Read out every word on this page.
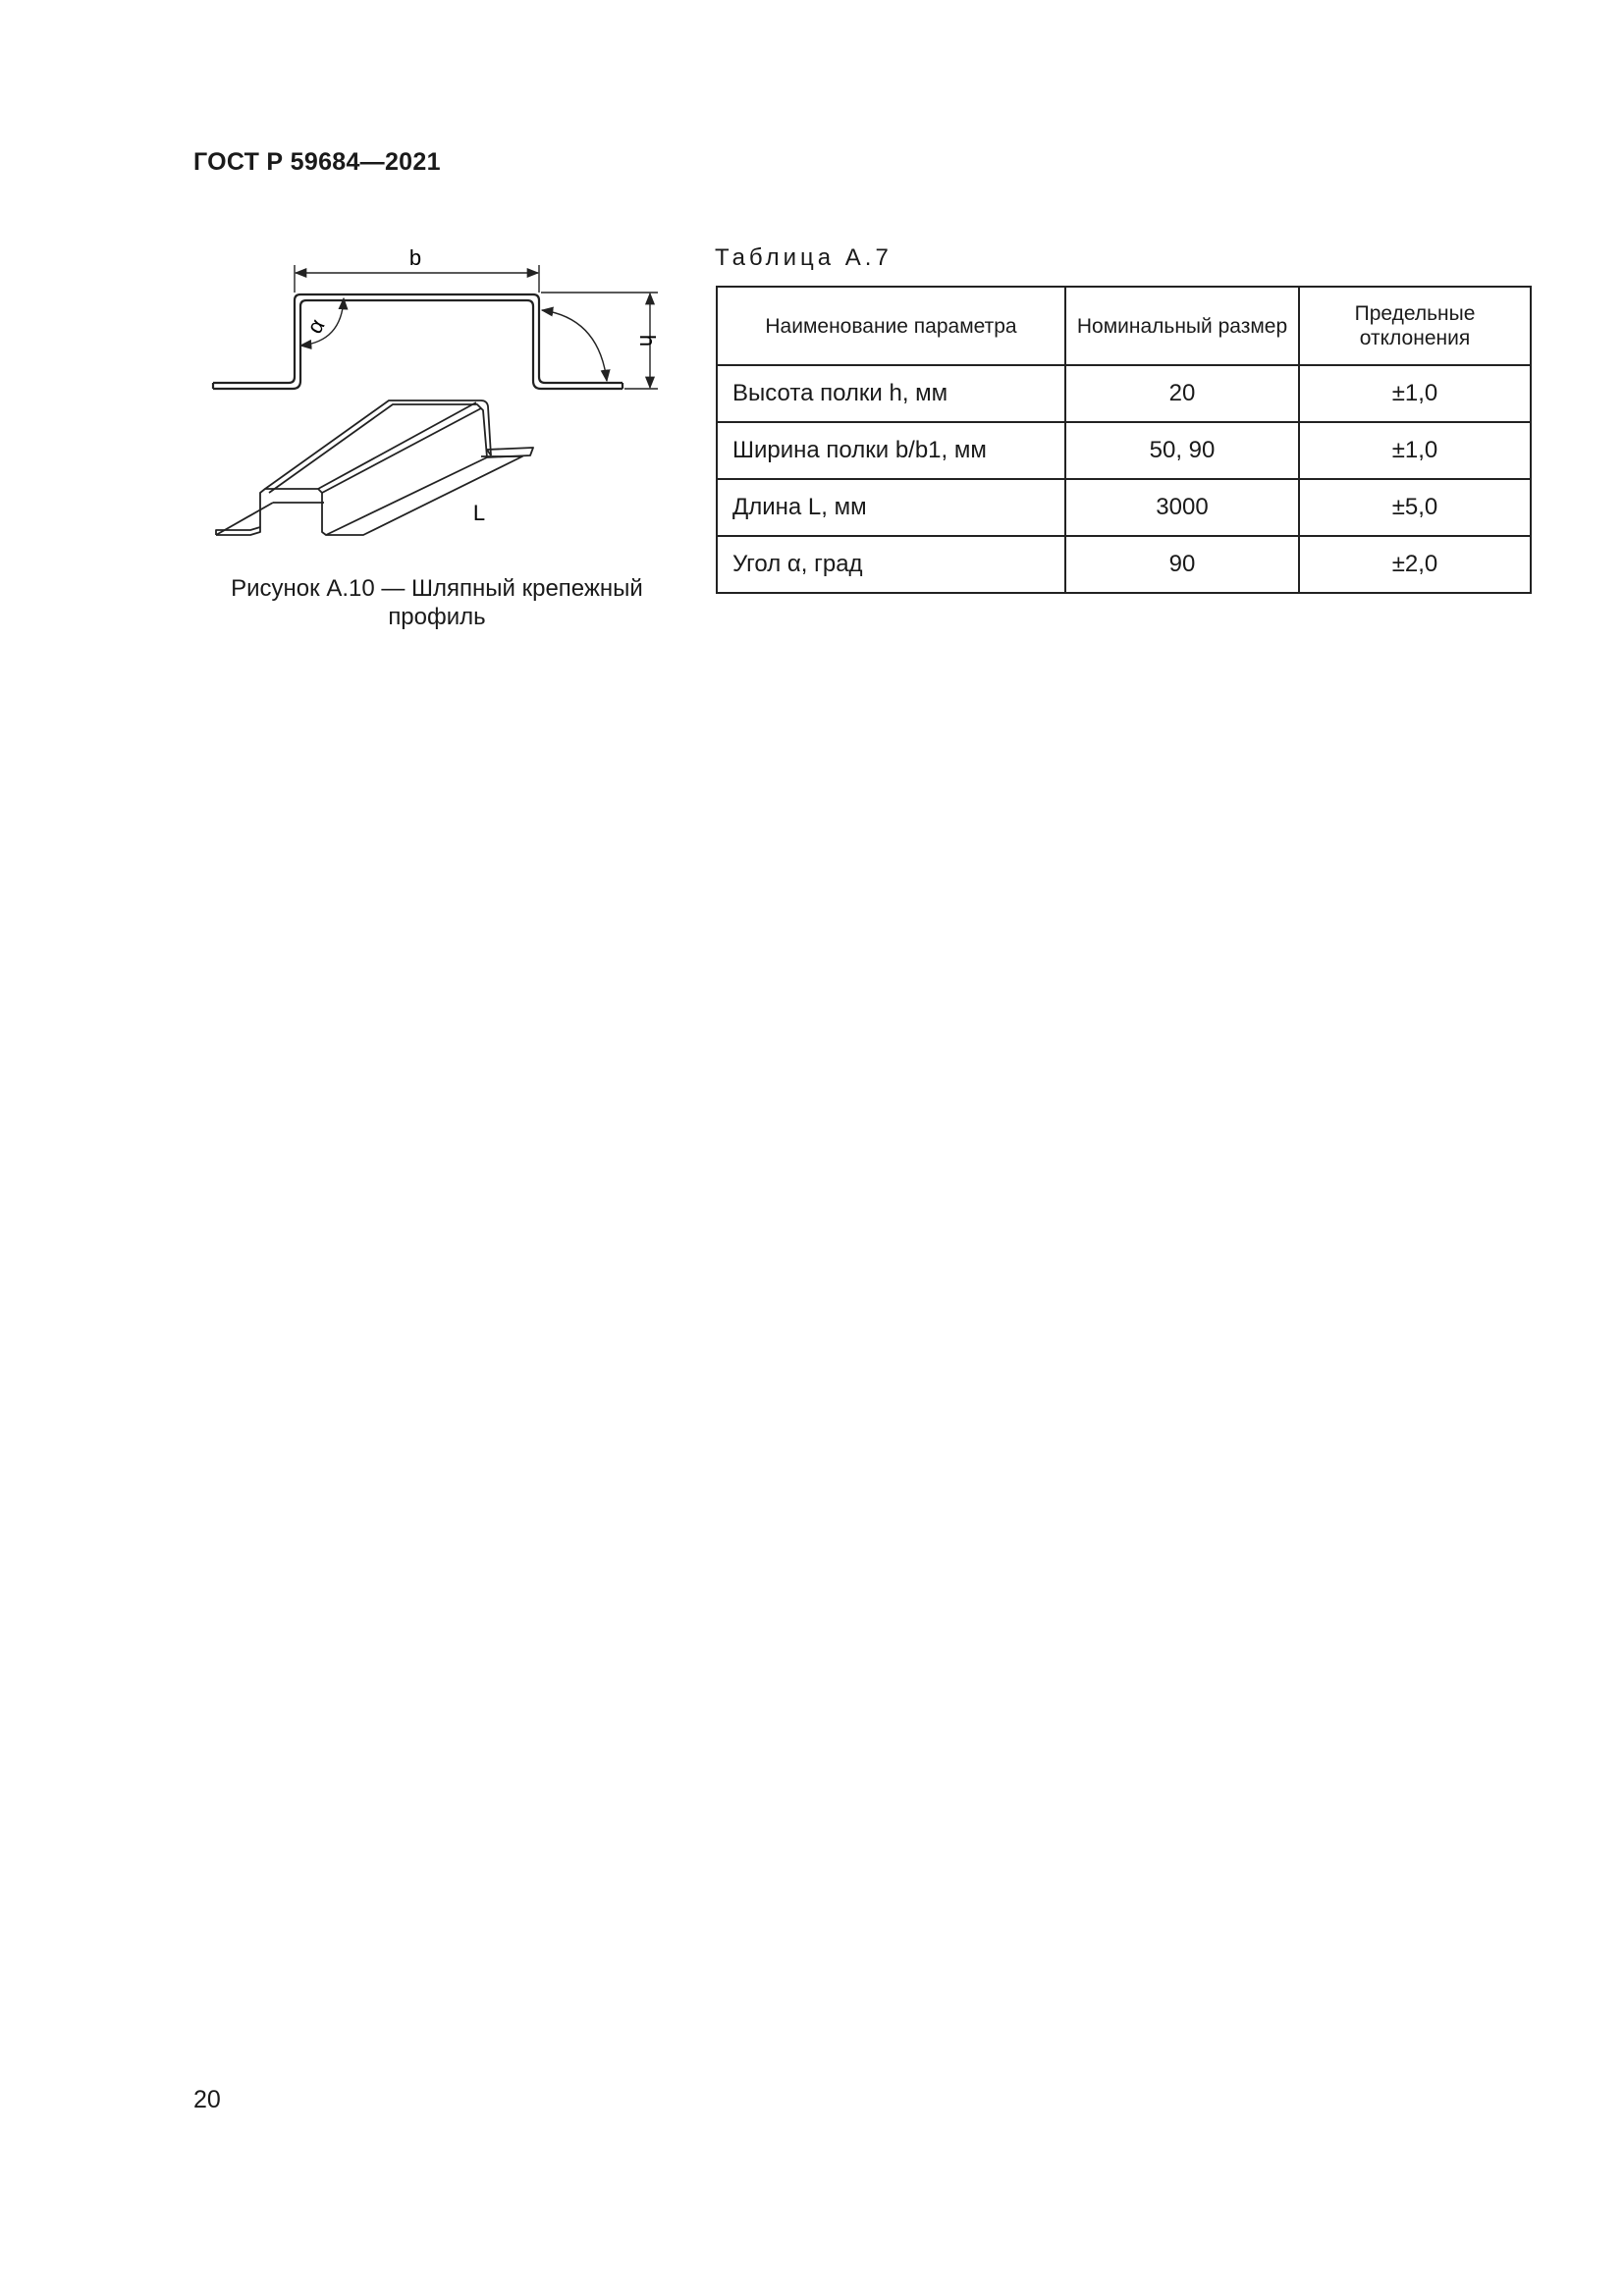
ГОСТ Р 59684—2021
b
h
α
L
Рисунок А.10 — Шляпный крепежный профиль
Таблица А.7
Наименование параметра	Номинальный размер	Предельные отклонения
Высота полки h, мм	20	±1,0
Ширина полки b/b1, мм	50, 90	±1,0
Длина L, мм	3000	±5,0
Угол α, град	90	±2,0
20
